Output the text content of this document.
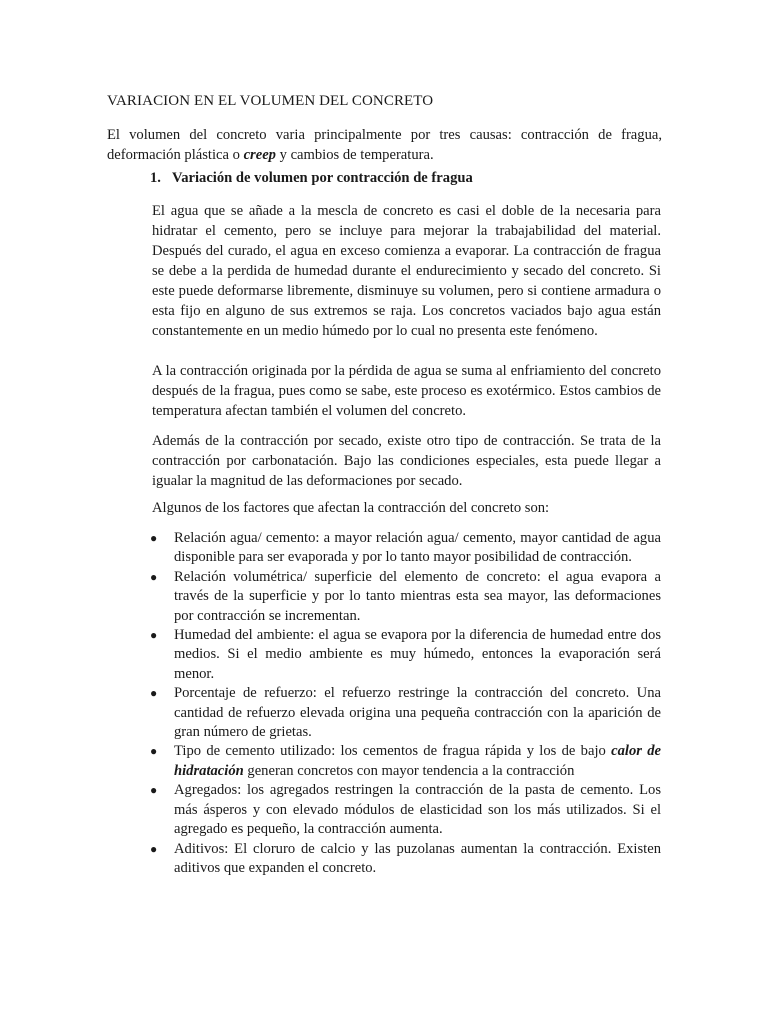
VARIACION EN EL VOLUMEN DEL CONCRETO

El volumen del concreto varia principalmente por tres causas: contracción de fragua, deformación plástica o creep y cambios de temperatura.

1. Variación de volumen por contracción de fragua

El agua que se añade a la mescla de concreto es casi el doble de la necesaria para hidratar el cemento, pero se incluye para mejorar la trabajabilidad del material. Después del curado, el agua en exceso comienza a evaporar. La contracción de fragua se debe a la perdida de humedad durante el endurecimiento y secado del concreto. Si este puede deformarse libremente, disminuye su volumen, pero si contiene armadura o esta fijo en alguno de sus extremos se raja. Los concretos vaciados bajo agua están constantemente en un medio húmedo por lo cual no presenta este fenómeno.

A la contracción originada por la pérdida de agua se suma al enfriamiento del concreto después de la fragua, pues como se sabe, este proceso es exotérmico. Estos cambios de temperatura afectan también el volumen del concreto.

Además de la contracción por secado, existe otro tipo de contracción. Se trata de la contracción por carbonatación. Bajo las condiciones especiales, esta puede llegar a igualar la magnitud de las deformaciones por secado.

Algunos de los factores que afectan la contracción del concreto son:

● Relación agua/ cemento: a mayor relación agua/ cemento, mayor cantidad de agua disponible para ser evaporada y por lo tanto mayor posibilidad de contracción.
● Relación volumétrica/ superficie del elemento de concreto: el agua evapora a través de la superficie y por lo tanto mientras esta sea mayor, las deformaciones por contracción se incrementan.
● Humedad del ambiente: el agua se evapora por la diferencia de humedad entre dos medios. Si el medio ambiente es muy húmedo, entonces la evaporación será menor.
● Porcentaje de refuerzo: el refuerzo restringe la contracción del concreto. Una cantidad de refuerzo elevada origina una pequeña contracción con la aparición de gran número de grietas.
● Tipo de cemento utilizado: los cementos de fragua rápida y los de bajo calor de hidratación generan concretos con mayor tendencia a la contracción
● Agregados: los agregados restringen la contracción de la pasta de cemento. Los más ásperos y con elevado módulos de elasticidad son los más utilizados. Si el agregado es pequeño, la contracción aumenta.
● Aditivos: El cloruro de calcio y las puzolanas aumentan la contracción. Existen aditivos que expanden el concreto.
